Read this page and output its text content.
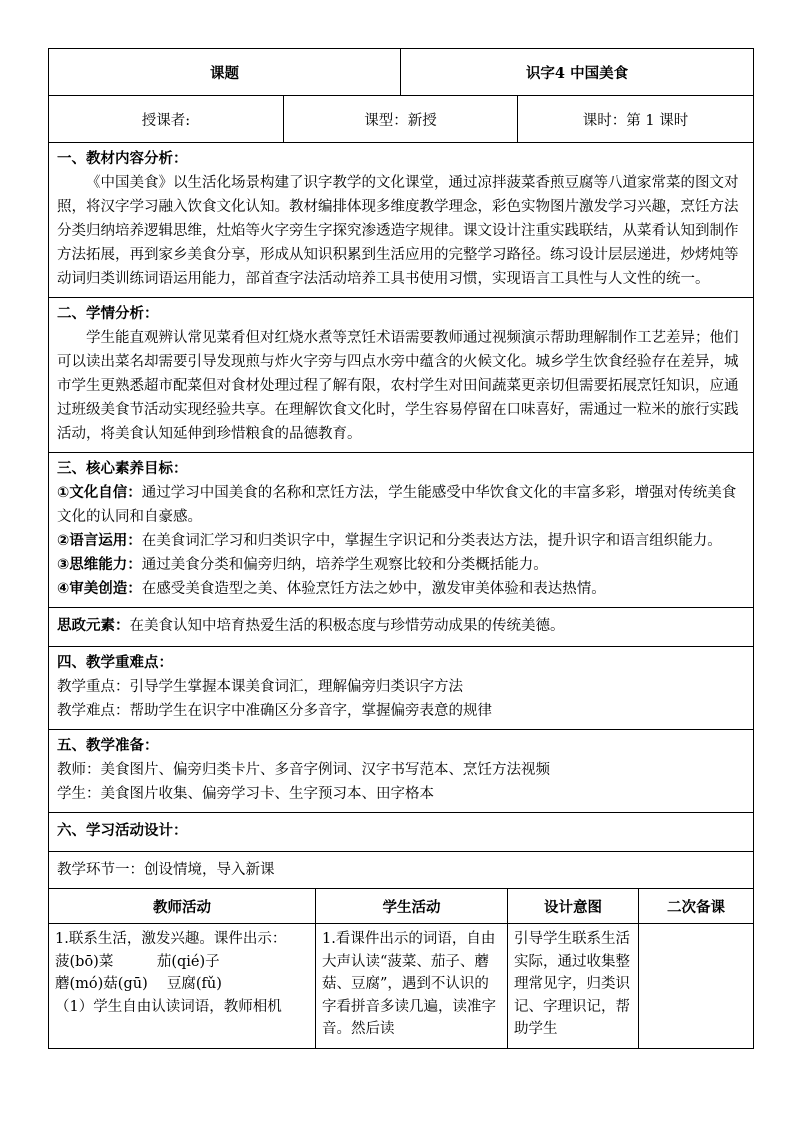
课题		识字4 中国美食	
授课者:	课型：新授		课时：第 1 课时

一、教材内容分析：
《中国美食》以生活化场景构建了识字教学的文化课堂，通过凉拌菠菜香煎豆腐等八道家常菜的图文对照，将汉字学习融入饮食文化认知。教材编排体现多维度教学理念，彩色实物图片激发学习兴趣，烹饪方法分类归纳培养逻辑思维，灶焰等火字旁生字探究渗透造字规律。课文设计注重实践联结，从菜肴认知到制作方法拓展，再到家乡美食分享，形成从知识积累到生活应用的完整学习路径。练习设计层层递进，炒烤炖等动词归类训练词语运用能力，部首查字法活动培养工具书使用习惯，实现语言工具性与人文性的统一。			

二、学情分析：
学生能直观辨认常见菜肴但对红烧水煮等烹饪术语需要教师通过视频演示帮助理解制作工艺差异；他们可以读出菜名却需要引导发现煎与炸火字旁与四点水旁中蕴含的火候文化。城乡学生饮食经验存在差异，城市学生更熟悉超市配菜但对食材处理过程了解有限，农村学生对田间蔬菜更亲切但需要拓展烹饪知识，应通过班级美食节活动实现经验共享。在理解饮食文化时，学生容易停留在口味喜好，需通过一粒米的旅行实践活动，将美食认知延伸到珍惜粮食的品德教育。			

三、核心素养目标：
①文化自信：通过学习中国美食的名称和烹饪方法，学生能感受中华饮食文化的丰富多彩，增强对传统美食文化的认同和自豪感。
②语言运用：在美食词汇学习和归类识字中，掌握生字识记和分类表达方法，提升识字和语言组织能力。
③思维能力：通过美食分类和偏旁归纳，培养学生观察比较和分类概括能力。
④审美创造：在感受美食造型之美、体验烹饪方法之妙中，激发审美体验和表达热情。			

思政元素：在美食认知中培育热爱生活的积极态度与珍惜劳动成果的传统美德。			

四、教学重难点：
教学重点：引导学生掌握本课美食词汇，理解偏旁归类识字方法
教学难点：帮助学生在识字中准确区分多音字，掌握偏旁表意的规律			

五、教学准备：
教师：美食图片、偏旁归类卡片、多音字例词、汉字书写范本、烹饪方法视频
学生：美食图片收集、偏旁学习卡、生字预习本、田字格本			

六、学习活动设计：			

教学环节一：创设情境，导入新课			
教师活动	学生活动	设计意图	二次备课

1.联系生活，激发兴趣。课件出示：
菠(bō)菜　　　茄(qié)子
蘑(mó)菇(gū)　 豆腐(fǔ)
（1）学生自由认读词语，教师相机	1.看课件出示的词语，自由大声认读“菠菜、茄子、蘑菇、豆腐”，遇到不认识的字看拼音多读几遍，读准字音。然后读	引导学生联系生活实际，通过收集整理常见字，归类识记、字理识记，帮助学生	
